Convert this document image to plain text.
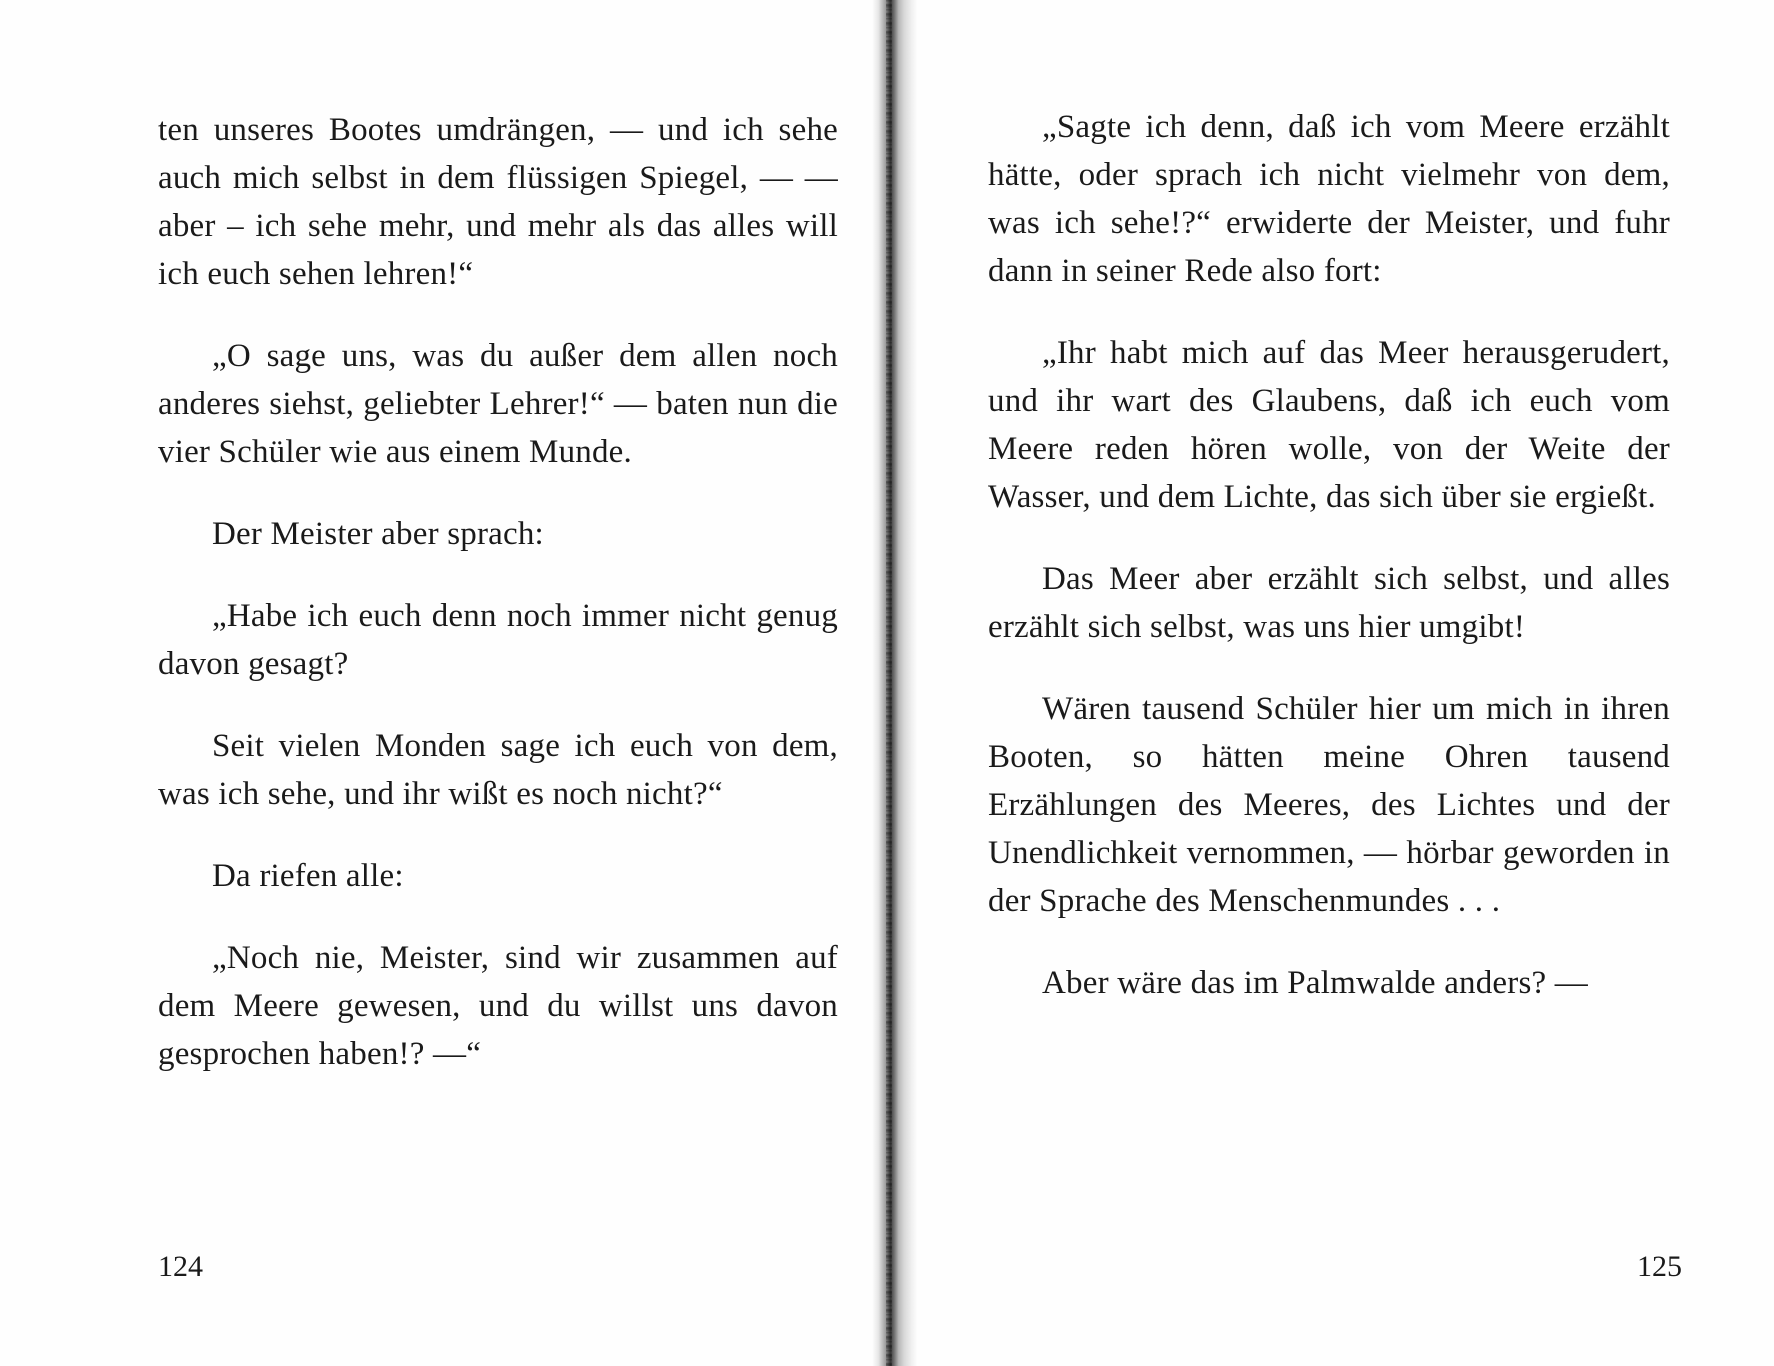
ten unseres Bootes umdrängen, — und ich sehe auch mich selbst in dem flüssigen Spiegel, — — aber – ich sehe mehr, und mehr als das alles will ich euch sehen lehren!“

„O sage uns, was du außer dem allen noch anderes siehst, geliebter Lehrer!“ — baten nun die vier Schüler wie aus einem Munde.

Der Meister aber sprach:

„Habe ich euch denn noch immer nicht genug davon gesagt?

Seit vielen Monden sage ich euch von dem, was ich sehe, und ihr wißt es noch nicht?“

Da riefen alle:

„Noch nie, Meister, sind wir zusammen auf dem Meere gewesen, und du willst uns davon gesprochen haben!? —“

124

„Sagte ich denn, daß ich vom Meere erzählt hätte, oder sprach ich nicht vielmehr von dem, was ich sehe!?“ erwiderte der Meister, und fuhr dann in seiner Rede also fort:

„Ihr habt mich auf das Meer herausgerudert, und ihr wart des Glaubens, daß ich euch vom Meere reden hören wolle, von der Weite der Wasser, und dem Lichte, das sich über sie ergießt.

Das Meer aber erzählt sich selbst, und alles erzählt sich selbst, was uns hier umgibt!

Wären tausend Schüler hier um mich in ihren Booten, so hätten meine Ohren tausend Erzählungen des Meeres, des Lichtes und der Unendlichkeit vernommen, — hörbar geworden in der Sprache des Menschenmundes . . .

Aber wäre das im Palmwalde anders? —

125
